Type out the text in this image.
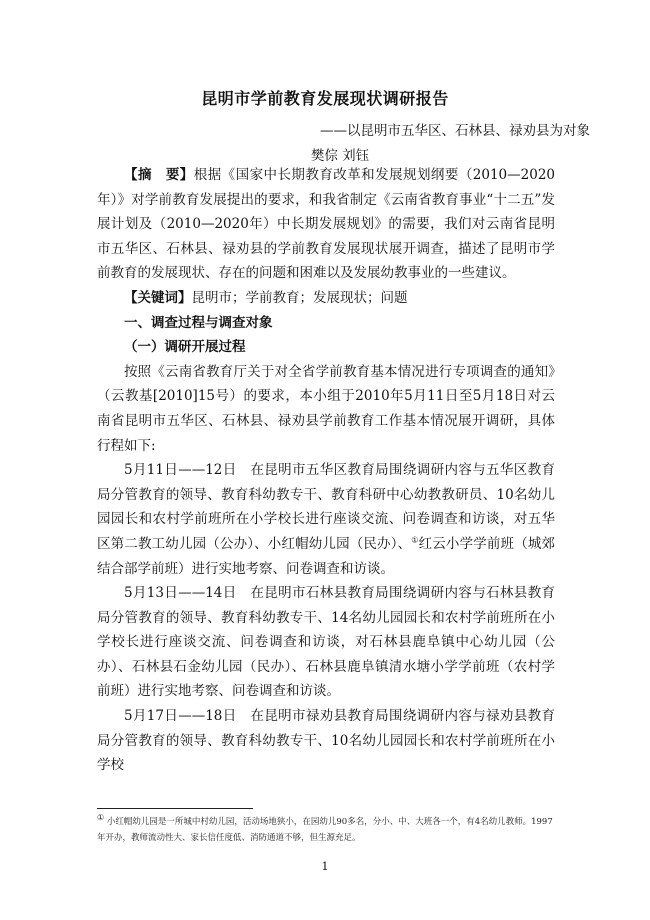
昆明市学前教育发展现状调研报告
——以昆明市五华区、石林县、禄劝县为对象
樊倧 刘钰

【摘　要】根据《国家中长期教育改革和发展规划纲要（2010—2020年）》对学前教育发展提出的要求，和我省制定《云南省教育事业“十二五”发展计划及（2010—2020年）中长期发展规划》的需要，我们对云南省昆明市五华区、石林县、禄劝县的学前教育发展现状展开调查，描述了昆明市学前教育的发展现状、存在的问题和困难以及发展幼教事业的一些建议。

【关键词】昆明市；学前教育；发展现状；问题

一、调查过程与调查对象

（一）调研开展过程

按照《云南省教育厅关于对全省学前教育基本情况进行专项调查的通知》（云教基[2010]15号）的要求，本小组于2010年5月11日至5月18日对云南省昆明市五华区、石林县、禄劝县学前教育工作基本情况展开调研，具体行程如下:

5月11日——12日　在昆明市五华区教育局围绕调研内容与五华区教育局分管教育的领导、教育科幼教专干、教育科研中心幼教教研员、10名幼儿园园长和农村学前班所在小学校长进行座谈交流、问卷调查和访谈，对五华区第二教工幼儿园（公办）、小红帽幼儿园（民办）、①红云小学学前班（城郊结合部学前班）进行实地考察、问卷调查和访谈。

5月13日——14日　在昆明市石林县教育局围绕调研内容与石林县教育局分管教育的领导、教育科幼教专干、14名幼儿园园长和农村学前班所在小学校长进行座谈交流、问卷调查和访谈，对石林县鹿阜镇中心幼儿园（公办）、石林县石金幼儿园（民办）、石林县鹿阜镇清水塘小学学前班（农村学前班）进行实地考察、问卷调查和访谈。

5月17日——18日　在昆明市禄劝县教育局围绕调研内容与禄劝县教育局分管教育的领导、教育科幼教专干、10名幼儿园园长和农村学前班所在小学校

① 小红帽幼儿园是一所城中村幼儿园，活动场地狭小，在园幼儿90多名，分小、中、大班各一个，有4名幼儿教师。1997年开办，教师流动性大、家长信任度低、消防通道不够，但生源充足。
1
